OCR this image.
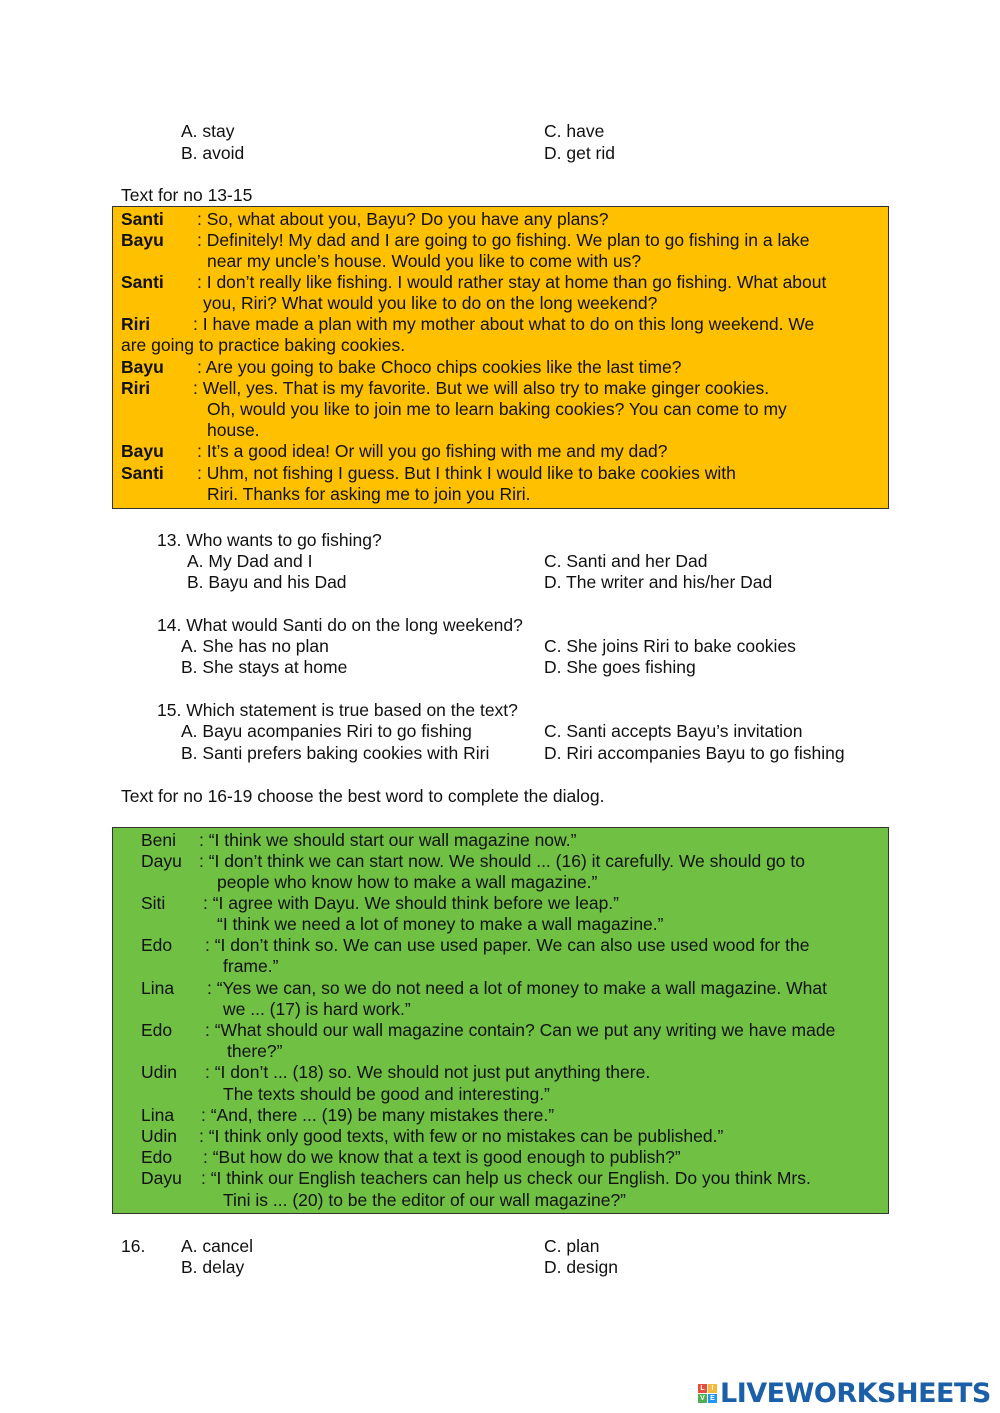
A. stay
B. avoid
C. have
D. get rid
Text for no 13-15
Santi : So, what about you, Bayu? Do you have any plans?
Bayu : Definitely! My dad and I are going to go fishing. We plan to go fishing in a lake
near my uncle’s house. Would you like to come with us?
Santi : I don’t really like fishing. I would rather stay at home than go fishing. What about
you, Riri? What would you like to do on the long weekend?
Riri : I have made a plan with my mother about what to do on this long weekend. We
are going to practice baking cookies.
Bayu : Are you going to bake Choco chips cookies like the last time?
Riri : Well, yes. That is my favorite. But we will also try to make ginger cookies.
Oh, would you like to join me to learn baking cookies? You can come to my
house.
Bayu : It’s a good idea! Or will you go fishing with me and my dad?
Santi : Uhm, not fishing I guess. But I think I would like to bake cookies with
Riri. Thanks for asking me to join you Riri.
13. Who wants to go fishing?
A. My Dad and I
B. Bayu and his Dad
C. Santi and her Dad
D. The writer and his/her Dad
14. What would Santi do on the long weekend?
A. She has no plan
B. She stays at home
C. She joins Riri to bake cookies
D. She goes fishing
15. Which statement is true based on the text?
A. Bayu acompanies Riri to go fishing
B. Santi prefers baking cookies with Riri
C. Santi accepts Bayu’s invitation
D. Riri accompanies Bayu to go fishing
Text for no 16-19 choose the best word to complete the dialog.
Beni : “I think we should start our wall magazine now.”
Dayu : “I don’t think we can start now. We should ... (16) it carefully. We should go to
people who know how to make a wall magazine.”
Siti : “I agree with Dayu. We should think before we leap.”
“I think we need a lot of money to make a wall magazine.”
Edo : “I don’t think so. We can use used paper. We can also use used wood for the
frame.”
Lina : “Yes we can, so we do not need a lot of money to make a wall magazine. What
we ... (17) is hard work.”
Edo : “What should our wall magazine contain? Can we put any writing we have made
there?”
Udin : “I don’t ... (18) so. We should not just put anything there.
The texts should be good and interesting.”
Lina : “And, there ... (19) be many mistakes there.”
Udin : “I think only good texts, with few or no mistakes can be published.”
Edo : “But how do we know that a text is good enough to publish?”
Dayu : “I think our English teachers can help us check our English. Do you think Mrs.
Tini is ... (20) to be the editor of our wall magazine?”
16. A. cancel
B. delay
C. plan
D. design
L I
V E LIVEWORKSHEETS
